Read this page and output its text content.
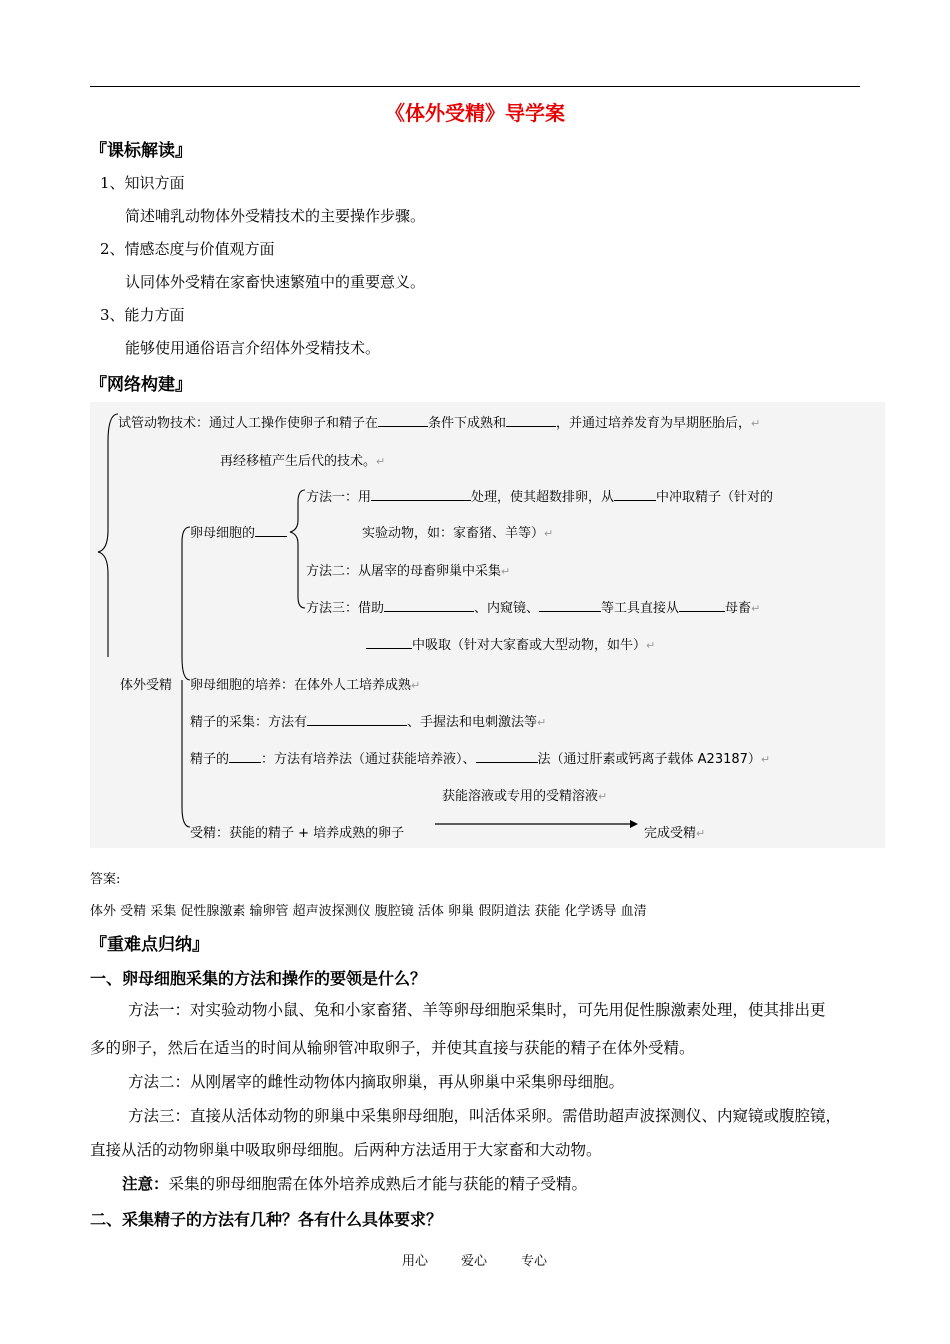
《体外受精》导学案
『课标解读』
1、知识方面
简述哺乳动物体外受精技术的主要操作步骤。
2、情感态度与价值观方面
认同体外受精在家畜快速繁殖中的重要意义。
3、能力方面
能够使用通俗语言介绍体外受精技术。
『网络构建』
试管动物技术：通过人工操作使卵子和精子在	条件下成熟和	，并通过培养发育为早期胚胎后，↵
再经移植产生后代的技术。↵
方法一：用	处理，使其超数排卵，从	中冲取精子（针对的
实验动物，如：家畜猪、羊等）↵
卵母细胞的
方法二：从屠宰的母畜卵巢中采集↵
方法三：借助	、内窥镜、	等工具直接从	母畜↵
中吸取（针对大家畜或大型动物，如牛）↵
体外受精 卵母细胞的培养：在体外人工培养成熟↵
精子的采集：方法有	、手握法和电刺激法等↵
精子的 ：方法有培养法（通过获能培养液）、	法（通过肝素或钙离子载体 A23187）↵
获能溶液或专用的受精溶液↵
受精：获能的精子 + 培养成熟的卵子	完成受精↵
答案:
体外 受精 采集 促性腺激素 输卵管 超声波探测仪 腹腔镜 活体 卵巢 假阴道法 获能 化学诱导 血清
『重难点归纳』
一、卵母细胞采集的方法和操作的要领是什么？
方法一：对实验动物小鼠、兔和小家畜猪、羊等卵母细胞采集时，可先用促性腺激素处理，使其排出更
多的卵子，然后在适当的时间从输卵管冲取卵子，并使其直接与获能的精子在体外受精。
方法二：从刚屠宰的雌性动物体内摘取卵巢，再从卵巢中采集卵母细胞。
方法三：直接从活体动物的卵巢中采集卵母细胞，叫活体采卵。需借助超声波探测仪、内窥镜或腹腔镜，
直接从活的动物卵巢中吸取卵母细胞。后两种方法适用于大家畜和大动物。
注意：采集的卵母细胞需在体外培养成熟后才能与获能的精子受精。
二、采集精子的方法有几种？各有什么具体要求？
用心	爱心	专心
